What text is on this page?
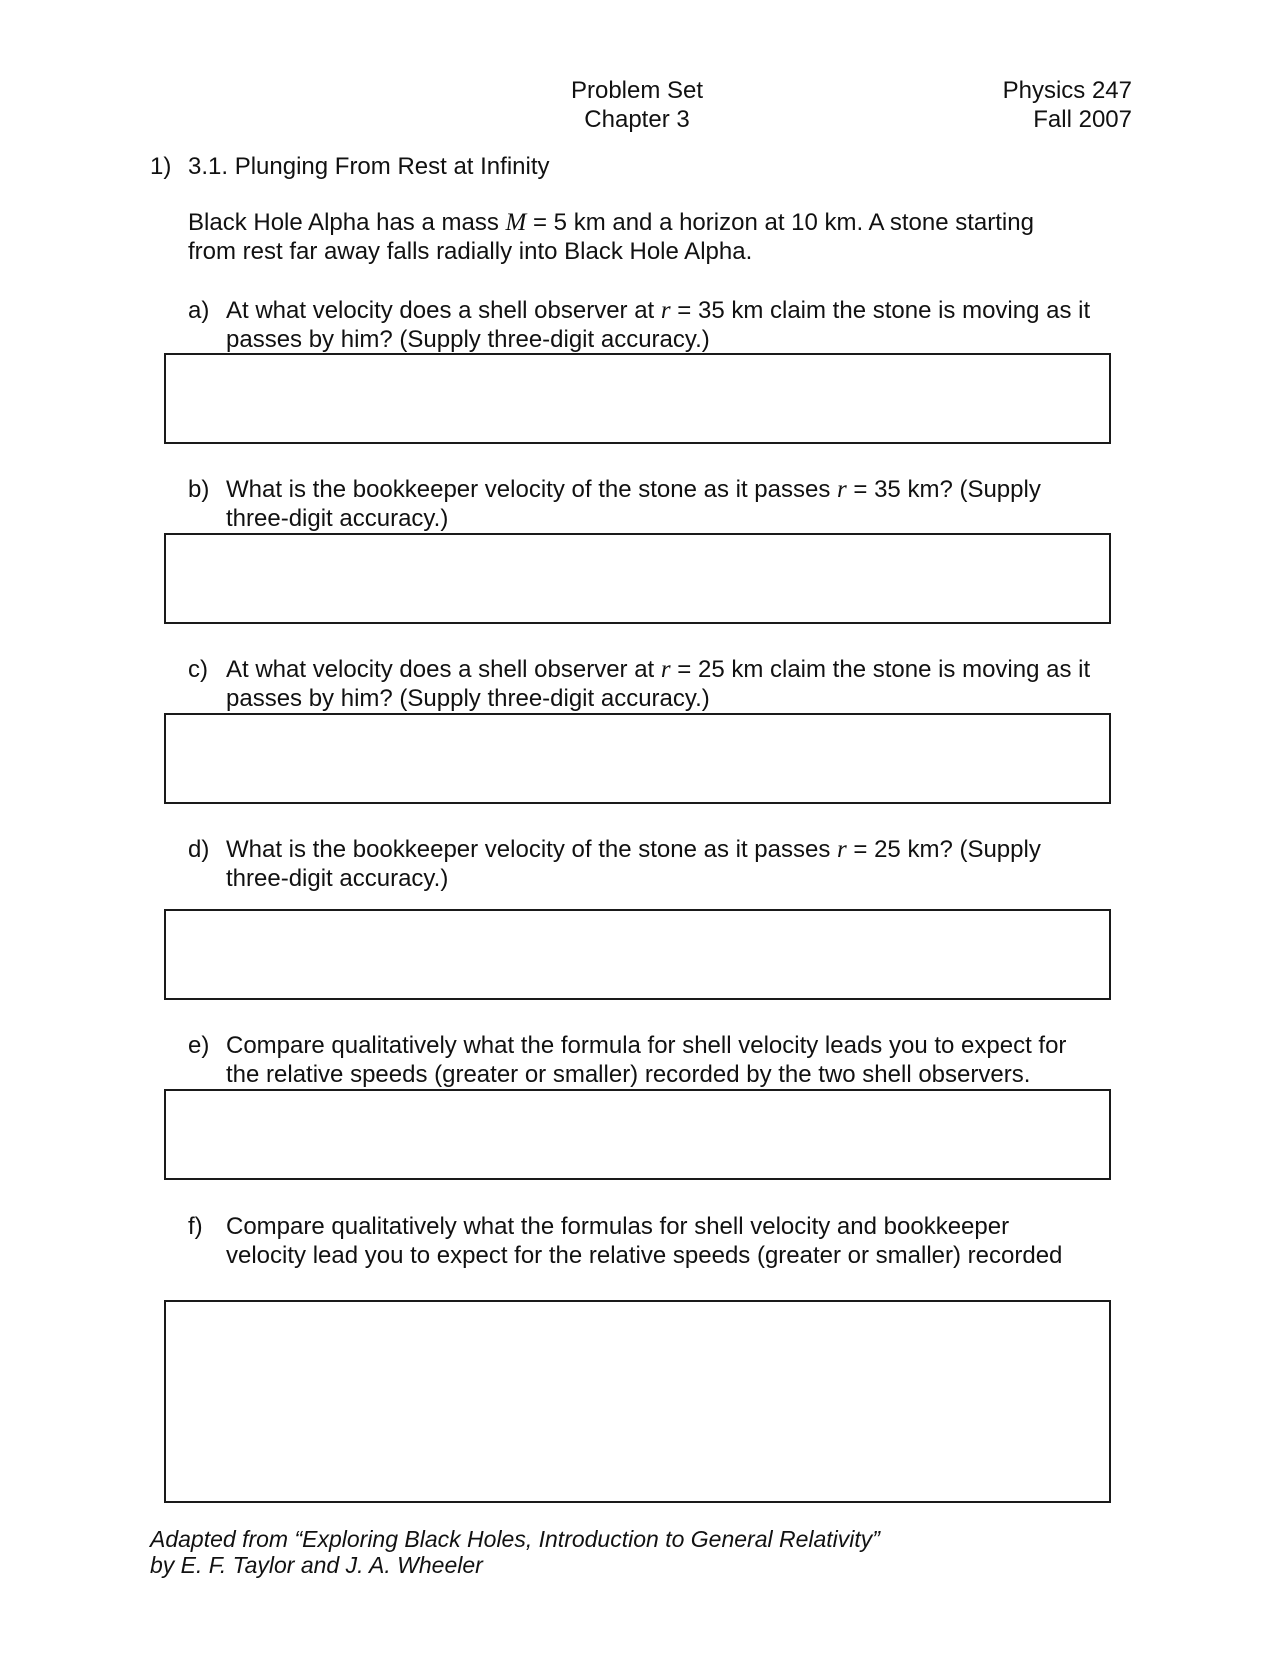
Problem Set
Chapter 3
Physics 247
Fall 2007
1) 3.1. Plunging From Rest at Infinity
Black Hole Alpha has a mass M = 5 km and a horizon at 10 km. A stone starting
from rest far away falls radially into Black Hole Alpha.
a) At what velocity does a shell observer at r = 35 km claim the stone is moving as it
passes by him? (Supply three-digit accuracy.)
b) What is the bookkeeper velocity of the stone as it passes r = 35 km? (Supply
three-digit accuracy.)
c) At what velocity does a shell observer at r = 25 km claim the stone is moving as it
passes by him? (Supply three-digit accuracy.)
d) What is the bookkeeper velocity of the stone as it passes r = 25 km? (Supply
three-digit accuracy.)
e) Compare qualitatively what the formula for shell velocity leads you to expect for
the relative speeds (greater or smaller) recorded by the two shell observers.
f) Compare qualitatively what the formulas for shell velocity and bookkeeper
velocity lead you to expect for the relative speeds (greater or smaller) recorded
Adapted from “Exploring Black Holes, Introduction to General Relativity”
by E. F. Taylor and J. A. Wheeler
